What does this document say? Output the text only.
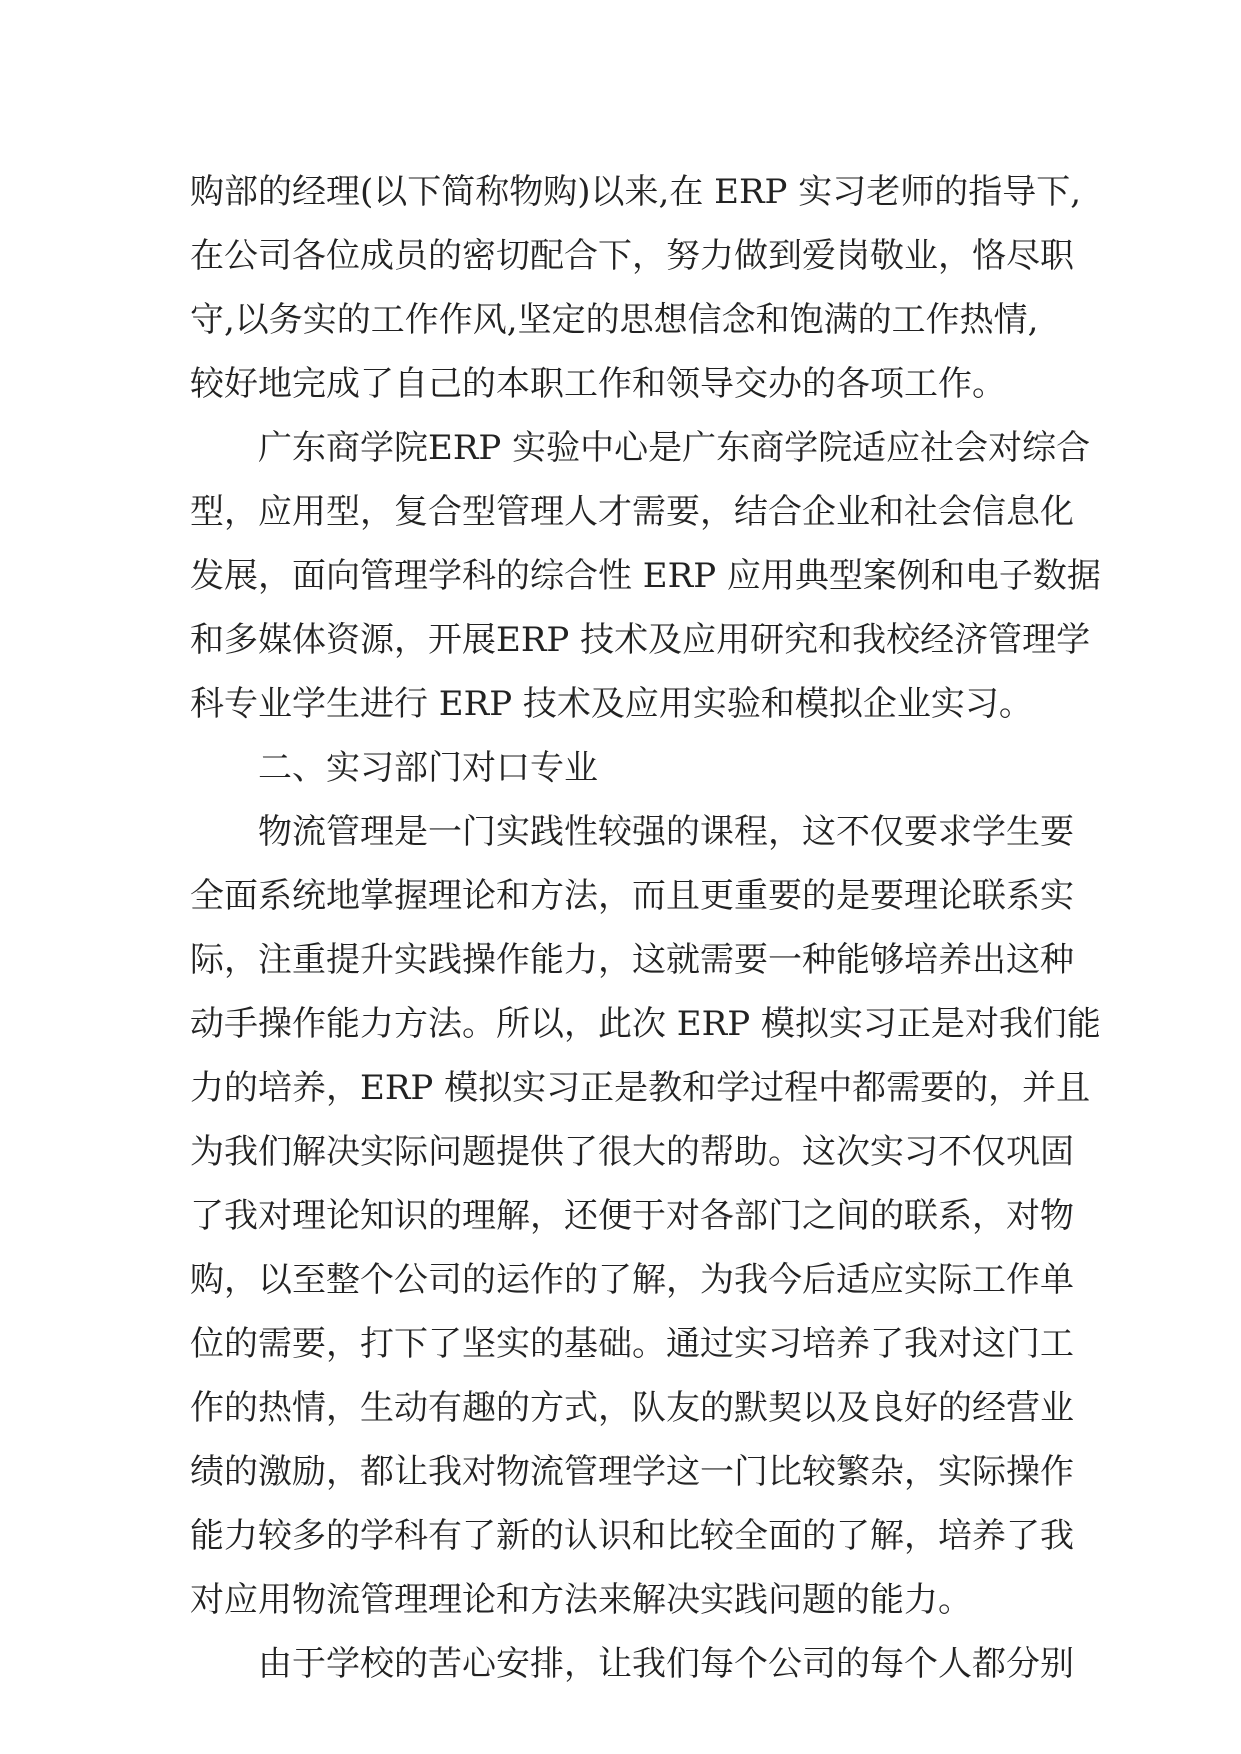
购部的经理(以下简称物购)以来,在 ERP 实习老师的指导下,
在公司各位成员的密切配合下，努力做到爱岗敬业，恪尽职
守,以务实的工作作风,坚定的思想信念和饱满的工作热情,
较好地完成了自己的本职工作和领导交办的各项工作。
广东商学院ERP 实验中心是广东商学院适应社会对综合
型，应用型，复合型管理人才需要，结合企业和社会信息化
发展，面向管理学科的综合性 ERP 应用典型案例和电子数据
和多媒体资源，开展ERP 技术及应用研究和我校经济管理学
科专业学生进行 ERP 技术及应用实验和模拟企业实习。
二、实习部门对口专业
物流管理是一门实践性较强的课程，这不仅要求学生要
全面系统地掌握理论和方法，而且更重要的是要理论联系实
际，注重提升实践操作能力，这就需要一种能够培养出这种
动手操作能力方法。所以，此次 ERP 模拟实习正是对我们能
力的培养，ERP 模拟实习正是教和学过程中都需要的，并且
为我们解决实际问题提供了很大的帮助。这次实习不仅巩固
了我对理论知识的理解，还便于对各部门之间的联系，对物
购，以至整个公司的运作的了解，为我今后适应实际工作单
位的需要，打下了坚实的基础。通过实习培养了我对这门工
作的热情，生动有趣的方式，队友的默契以及良好的经营业
绩的激励，都让我对物流管理学这一门比较繁杂，实际操作
能力较多的学科有了新的认识和比较全面的了解，培养了我
对应用物流管理理论和方法来解决实践问题的能力。
由于学校的苦心安排，让我们每个公司的每个人都分别
